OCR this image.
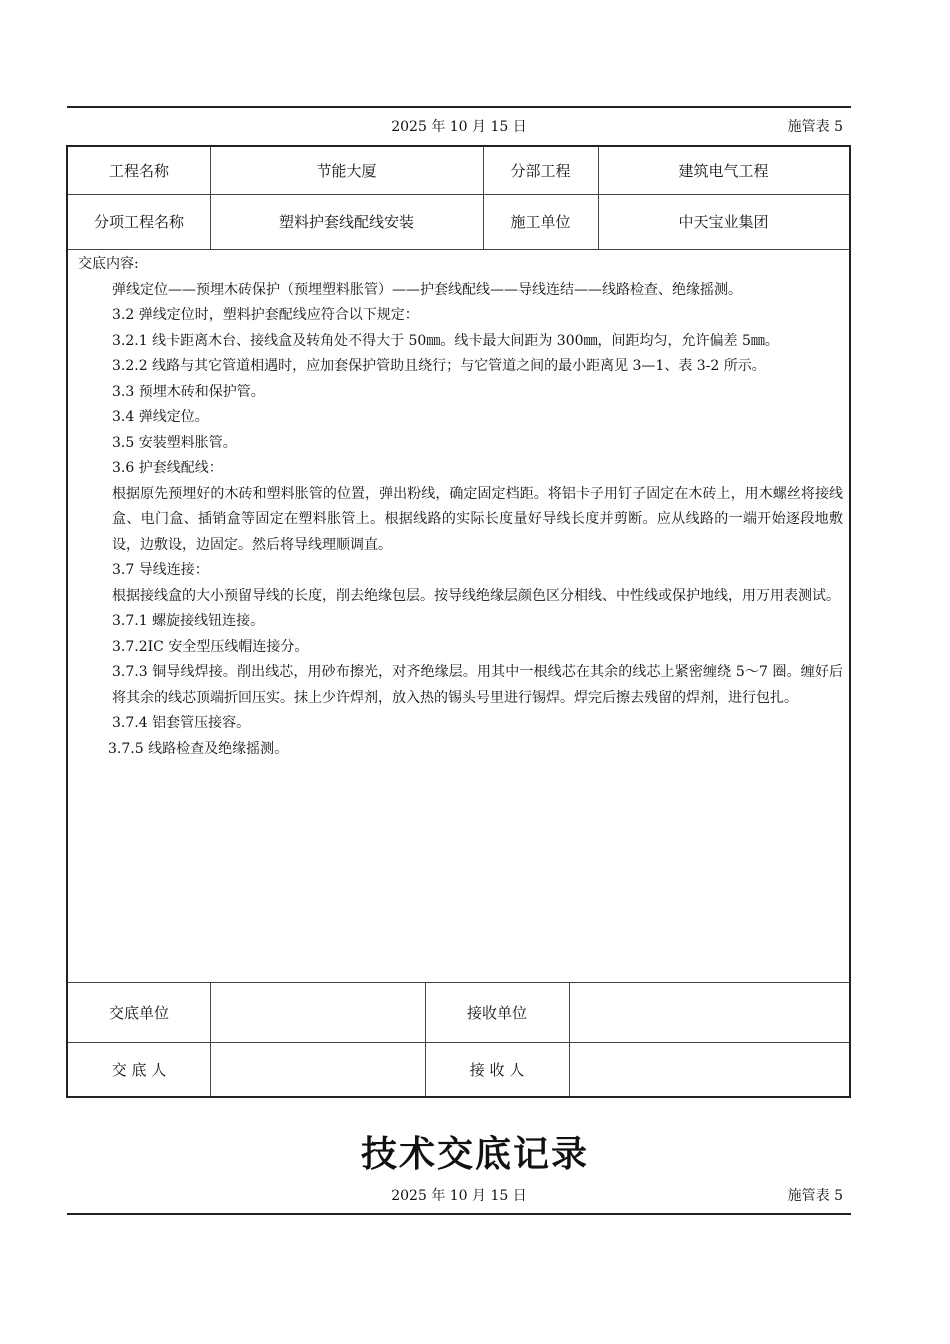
2025 年 10 月 15 日	施管表 5
工程名称	节能大厦	分部工程	建筑电气工程
分项工程名称	塑料护套线配线安装	施工单位	中天宝业集团

交底内容:

弹线定位——预埋木砖保护（预埋塑料胀管）——护套线配线——导线连结——线路检查、绝缘摇测。

3.2 弹线定位时，塑料护套配线应符合以下规定：

3.2.1 线卡距离木台、接线盒及转角处不得大于 50㎜。线卡最大间距为 300㎜，间距均匀，允许偏差 5㎜。

3.2.2 线路与其它管道相遇时，应加套保护管助且绕行；与它管道之间的最小距离见 3—1、表 3-2 所示。

3.3 预埋木砖和保护管。

3.4 弹线定位。

3.5 安装塑料胀管。

3.6 护套线配线：

根据原先预埋好的木砖和塑料胀管的位置，弹出粉线，确定固定档距。将铝卡子用钉子固定在木砖上，用木螺丝将接线盒、电门盒、插销盒等固定在塑料胀管上。根据线路的实际长度量好导线长度并剪断。应从线路的一端开始逐段地敷设，边敷设，边固定。然后将导线理顺调直。

3.7 导线连接：

根据接线盒的大小预留导线的长度，削去绝缘包层。按导线绝缘层颜色区分相线、中性线或保护地线，用万用表测试。

3.7.1 螺旋接线钮连接。

3.7.2IC 安全型压线帽连接分。

3.7.3 铜导线焊接。削出线芯，用砂布擦光，对齐绝缘层。用其中一根线芯在其余的线芯上紧密缠绕 5～7 圈。缠好后将其余的线芯顶端折回压实。抹上少许焊剂，放入热的锡头号里进行锡焊。焊完后擦去残留的焊剂，进行包扎。

3.7.4 铝套管压接容。

3.7.5 线路检查及绝缘摇测。

交底单位	接收单位
交 底 人	接 收 人
技术交底记录
2025 年 10 月 15 日	施管表 5
